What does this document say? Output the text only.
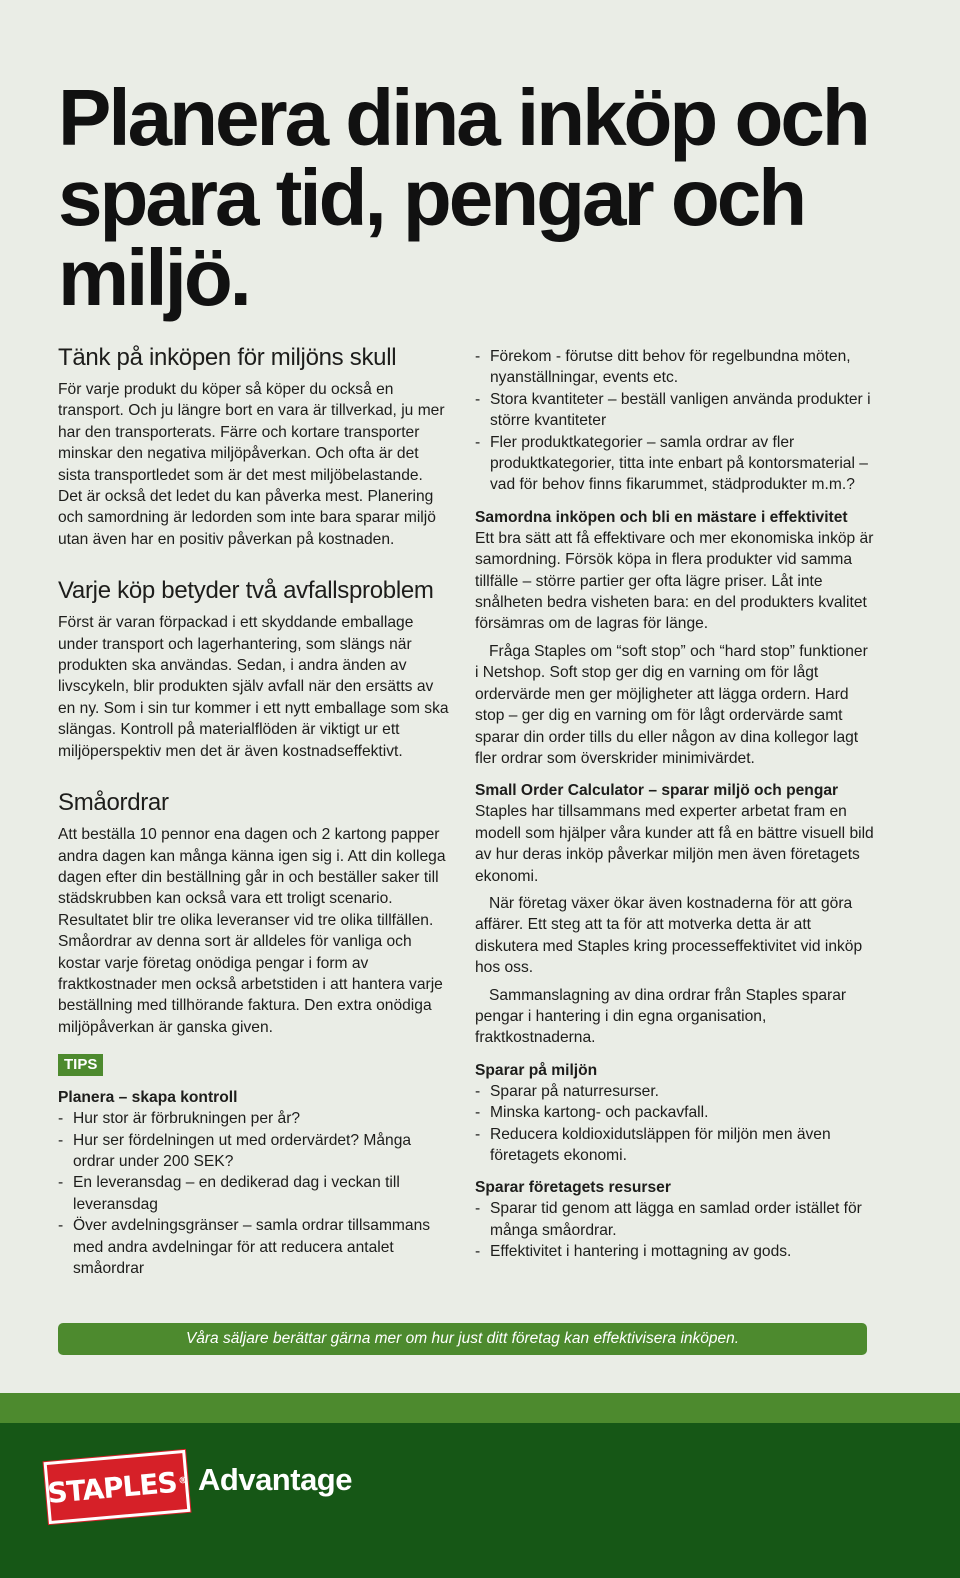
Planera dina inköp och
spara tid, pengar och
miljö.
Tänk på inköpen för miljöns skull
För varje produkt du köper så köper du också en transport. Och ju längre bort en vara är tillverkad, ju mer har den transporterats. Färre och kortare transporter minskar den negativa miljöpåverkan. Och ofta är det sista transportledet som är det mest miljöbelastande. Det är också det ledet du kan påverka mest. Planering och samordning är ledorden som inte bara sparar miljö utan även har en positiv påverkan på kostnaden.
Varje köp betyder två avfallsproblem
Först är varan förpackad i ett skyddande emballage under transport och lagerhantering, som slängs när produkten ska användas. Sedan, i andra änden av livscykeln, blir produkten själv avfall när den ersätts av en ny. Som i sin tur kommer i ett nytt emballage som ska slängas. Kontroll på materialflöden är viktigt ur ett miljöperspektiv men det är även kostnadseffektivt.
Småordrar
Att beställa 10 pennor ena dagen och 2 kartong papper andra dagen kan många känna igen sig i. Att din kollega dagen efter din beställning går in och beställer saker till städskrubben kan också vara ett troligt scenario. Resultatet blir tre olika leveranser vid tre olika tillfällen. Småordrar av denna sort är alldeles för vanliga och kostar varje företag onödiga pengar i form av fraktkostnader men också arbetstiden i att hantera varje beställning med tillhörande faktura. Den extra onödiga miljöpåverkan är ganska given.
TIPS
Planera – skapa kontroll
- Hur stor är förbrukningen per år?
- Hur ser fördelningen ut med ordervärdet? Många ordrar under 200 SEK?
- En leveransdag – en dedikerad dag i veckan till leveransdag
- Över avdelningsgränser – samla ordrar tillsammans med andra avdelningar för att reducera antalet småordrar
- Förekom - förutse ditt behov för regelbundna möten, nyanställningar, events etc.
- Stora kvantiteter – beställ vanligen använda produkter i större kvantiteter
- Fler produktkategorier – samla ordrar av fler produktkategorier, titta inte enbart på kontorsmaterial – vad för behov finns fikarummet, städprodukter m.m.?
Samordna inköpen och bli en mästare i effektivitet
Ett bra sätt att få effektivare och mer ekonomiska inköp är samordning. Försök köpa in flera produkter vid samma tillfälle – större partier ger ofta lägre priser. Låt inte snålheten bedra visheten bara: en del produkters kvalitet försämras om de lagras för länge.
Fråga Staples om “soft stop” och “hard stop” funktioner i Netshop. Soft stop ger dig en varning om för lågt ordervärde men ger möjligheter att lägga ordern. Hard stop – ger dig en varning om för lågt ordervärde samt sparar din order tills du eller någon av dina kollegor lagt fler ordrar som överskrider minimivärdet.
Small Order Calculator – sparar miljö och pengar
Staples har tillsammans med experter arbetat fram en modell som hjälper våra kunder att få en bättre visuell bild av hur deras inköp påverkar miljön men även företagets ekonomi.
När företag växer ökar även kostnaderna för att göra affärer. Ett steg att ta för att motverka detta är att diskutera med Staples kring processeffektivitet vid inköp hos oss.
Sammanslagning av dina ordrar från Staples sparar pengar i hantering i din egna organisation, fraktkostnaderna.
Sparar på miljön
- Sparar på naturresurser.
- Minska kartong- och packavfall.
- Reducera koldioxidutsläppen för miljön men även företagets ekonomi.
Sparar företagets resurser
- Sparar tid genom att lägga en samlad order istället för många småordrar.
- Effektivitet i hantering i mottagning av gods.
Våra säljare berättar gärna mer om hur just ditt företag kan effektivisera inköpen.
STAPLES ® Advantage
